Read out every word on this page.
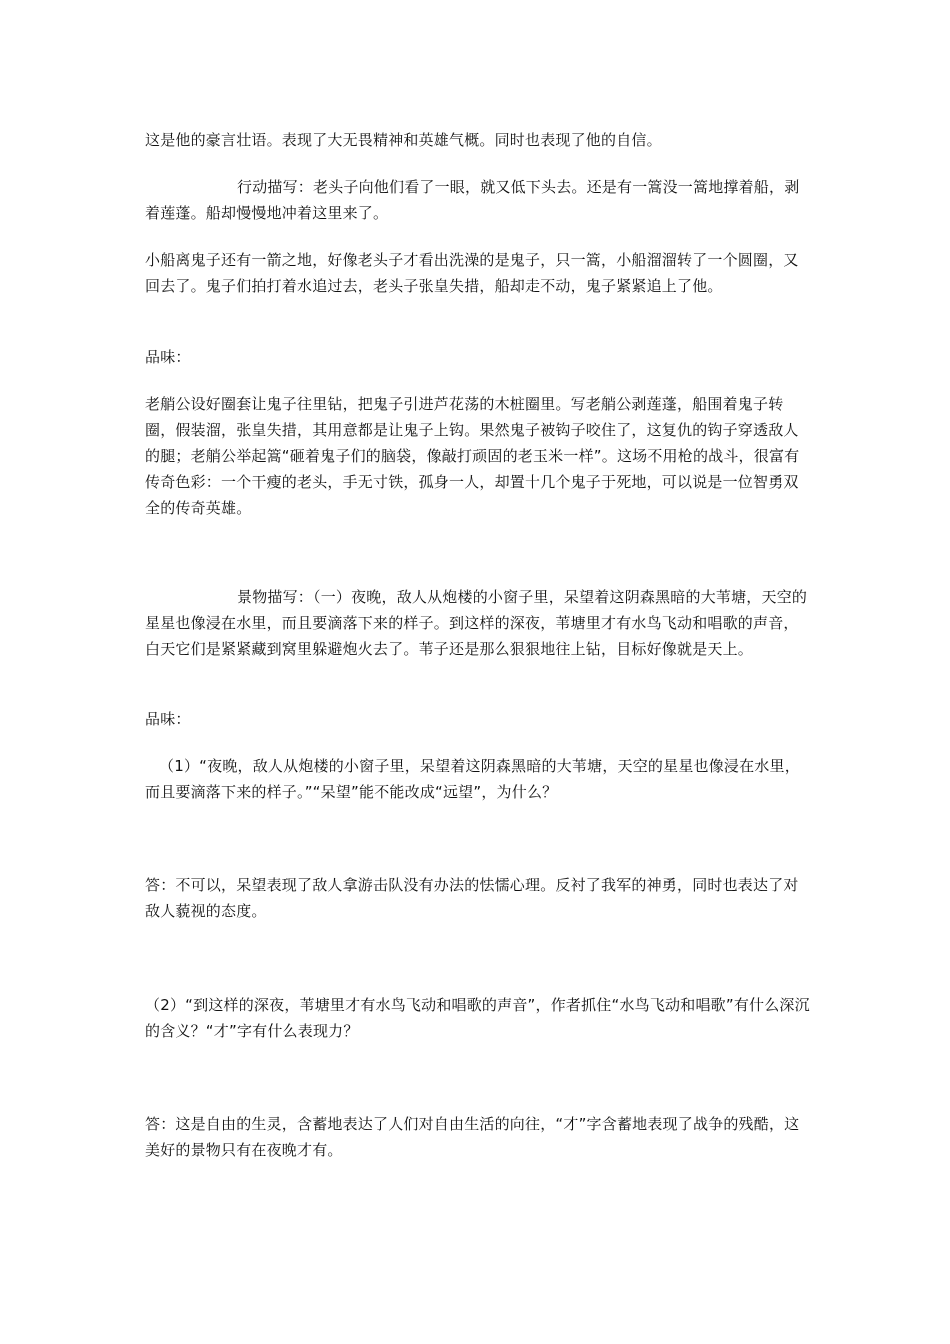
这是他的豪言壮语。表现了大无畏精神和英雄气概。同时也表现了他的自信。

行动描写：老头子向他们看了一眼，就又低下头去。还是有一篙没一篙地撑着船，剥着莲蓬。船却慢慢地冲着这里来了。

小船离鬼子还有一箭之地，好像老头子才看出洗澡的是鬼子，只一篙，小船溜溜转了一个圆圈，又回去了。鬼子们拍打着水追过去，老头子张皇失措，船却走不动，鬼子紧紧追上了他。

品味：

老艄公设好圈套让鬼子往里钻，把鬼子引进芦花荡的木桩圈里。写老艄公剥莲蓬，船围着鬼子转圈，假装溜，张皇失措，其用意都是让鬼子上钩。果然鬼子被钩子咬住了，这复仇的钩子穿透敌人的腿；老艄公举起篙“砸着鬼子们的脑袋，像敲打顽固的老玉米一样”。这场不用枪的战斗，很富有传奇色彩：一个干瘦的老头，手无寸铁，孤身一人，却置十几个鬼子于死地，可以说是一位智勇双全的传奇英雄。

景物描写：（一）夜晚，敌人从炮楼的小窗子里，呆望着这阴森黑暗的大苇塘，天空的星星也像浸在水里，而且要滴落下来的样子。到这样的深夜，苇塘里才有水鸟飞动和唱歌的声音，白天它们是紧紧藏到窝里躲避炮火去了。苇子还是那么狠狠地往上钻，目标好像就是天上。

品味：

（1）“夜晚，敌人从炮楼的小窗子里，呆望着这阴森黑暗的大苇塘，天空的星星也像浸在水里，而且要滴落下来的样子。”“呆望”能不能改成“远望”，为什么？

答：不可以，呆望表现了敌人拿游击队没有办法的怯懦心理。反衬了我军的神勇，同时也表达了对敌人藐视的态度。

（2）“到这样的深夜，苇塘里才有水鸟飞动和唱歌的声音”，作者抓住“水鸟飞动和唱歌”有什么深沉的含义？“才”字有什么表现力？

答：这是自由的生灵，含蓄地表达了人们对自由生活的向往，“才”字含蓄地表现了战争的残酷，这美好的景物只有在夜晚才有。
